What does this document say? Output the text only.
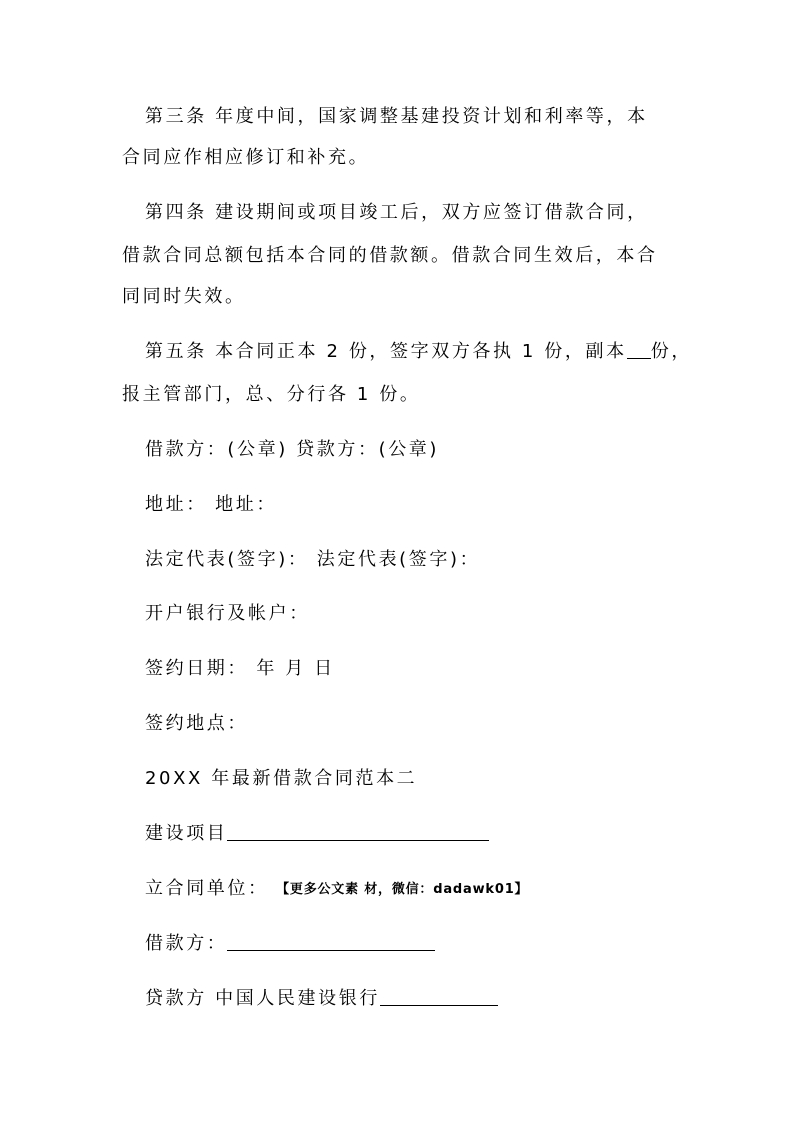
第三条 年度中间，国家调整基建投资计划和利率等，本
合同应作相应修订和补充。
第四条 建设期间或项目竣工后，双方应签订借款合同，
借款合同总额包括本合同的借款额。借款合同生效后，本合
同同时失效。
第五条 本合同正本 2 份，签字双方各执 1 份，副本 份，
报主管部门，总、分行各 1 份。
借款方：(公章) 贷款方：(公章)
地址： 地址：
法定代表(签字)： 法定代表(签字)：
开户银行及帐户：
签约日期： 年 月 日
签约地点：
20XX 年最新借款合同范本二
建设项目
立合同单位： 【更多公文素 材，微信：dadawk01】
借款方：
贷款方 中国人民建设银行
